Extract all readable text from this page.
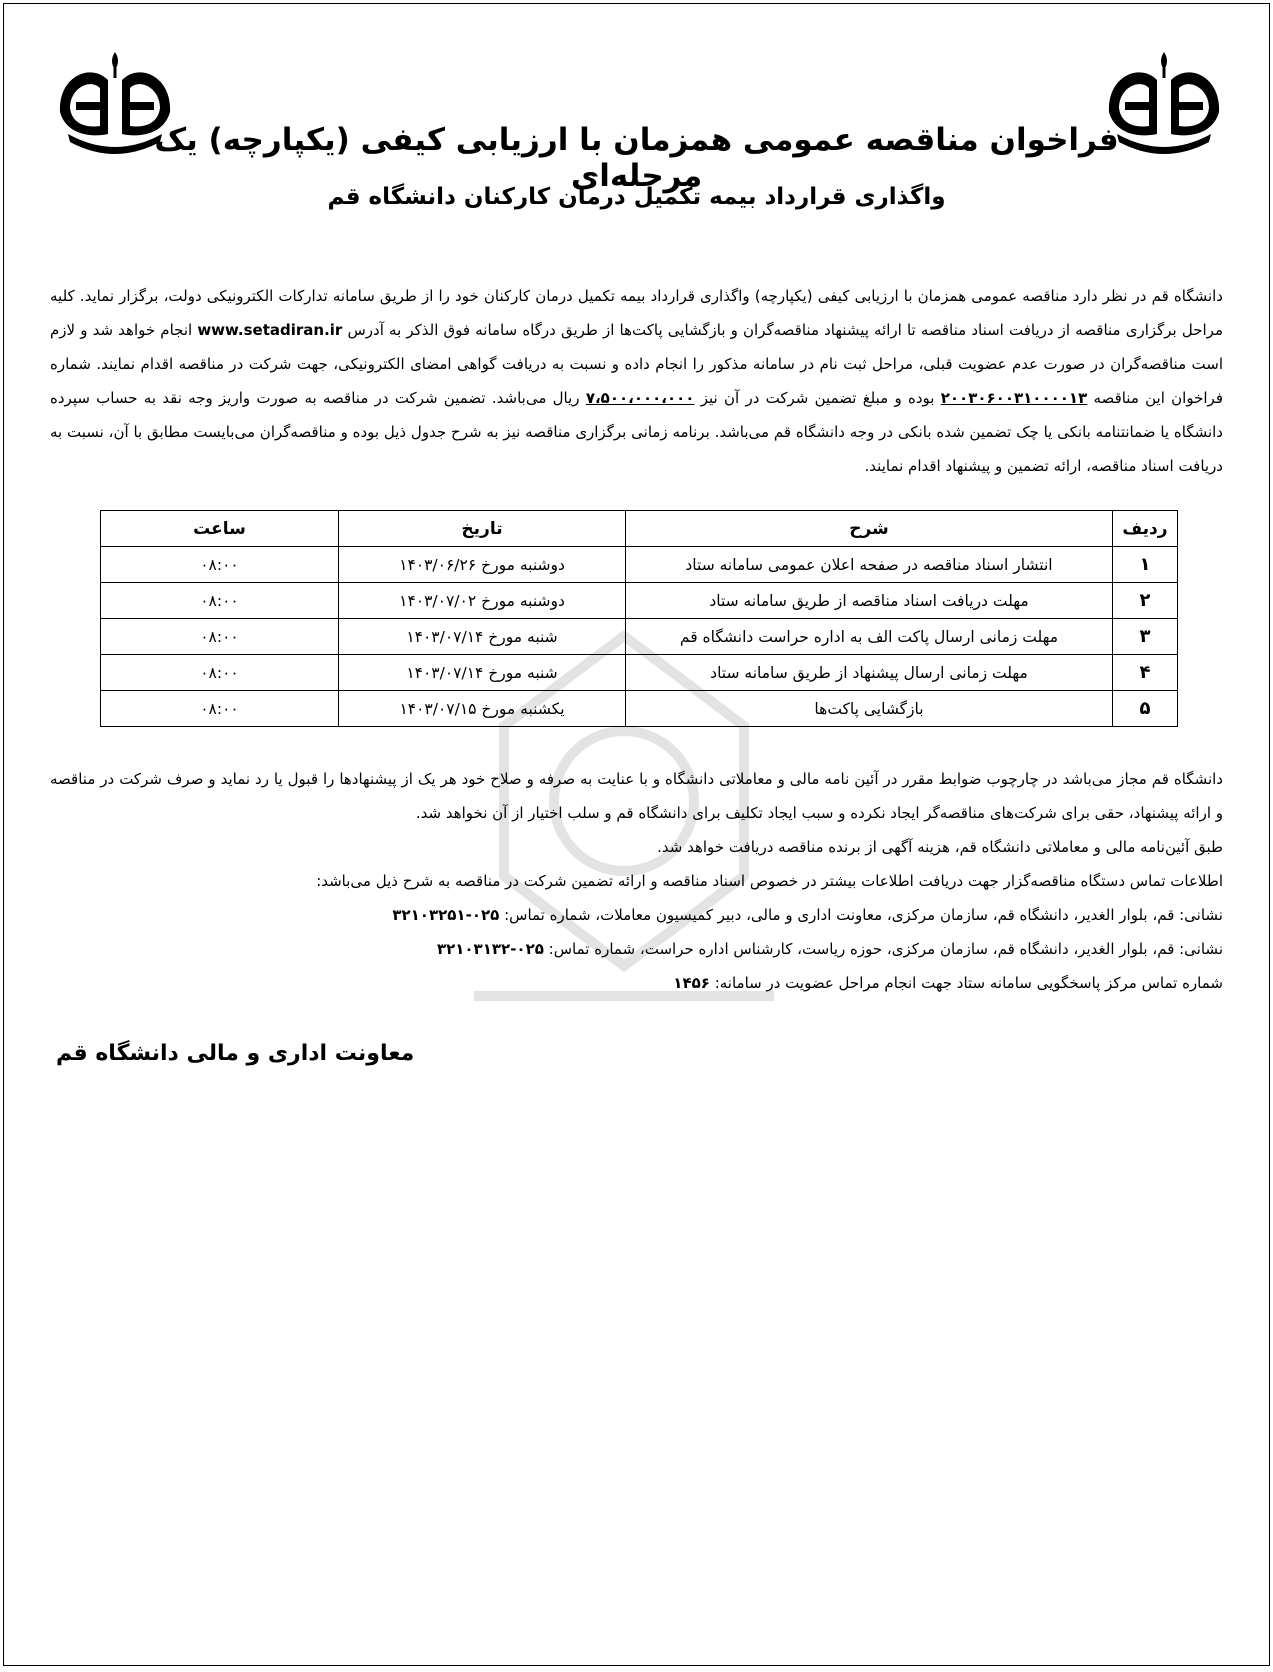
فراخوان مناقصه عمومی همزمان با ارزیابی کیفی (یکپارچه) یک مرحله‌ای
واگذاری قرارداد بیمه تکمیل درمان کارکنان دانشگاه قم

دانشگاه قم در نظر دارد مناقصه عمومی همزمان با ارزیابی کیفی (یکپارچه) واگذاری قرارداد بیمه تکمیل درمان کارکنان خود را از طریق سامانه تدارکات الکترونیکی دولت، برگزار نماید. کلیه مراحل برگزاری مناقصه از دریافت اسناد مناقصه تا ارائه پیشنهاد مناقصه‌گران و بازگشایی پاکت‌ها از طریق درگاه سامانه فوق الذکر به آدرس www.setadiran.ir انجام خواهد شد و لازم است مناقصه‌گران در صورت عدم عضویت قبلی، مراحل ثبت نام در سامانه مذکور را انجام داده و نسبت به دریافت گواهی امضای الکترونیکی، جهت شرکت در مناقصه اقدام نمایند. شماره فراخوان این مناقصه ۲۰۰۳۰۶۰۰۳۱۰۰۰۰۱۳ بوده و مبلغ تضمین شرکت در آن نیز ۷،۵۰۰،۰۰۰،۰۰۰ ریال می‌باشد. تضمین شرکت در مناقصه به صورت واریز وجه نقد به حساب سپرده دانشگاه یا ضمانتنامه بانکی یا چک تضمین شده بانکی در وجه دانشگاه قم می‌باشد. برنامه زمانی برگزاری مناقصه نیز به شرح جدول ذیل بوده و مناقصه‌گران می‌بایست مطابق با آن، نسبت به دریافت اسناد مناقصه، ارائه تضمین و پیشنهاد اقدام نمایند.

ردیف	شرح	تاریخ	ساعت
۱	انتشار اسناد مناقصه در صفحه اعلان عمومی سامانه ستاد	دوشنبه مورخ ۱۴۰۳/۰۶/۲۶	۰۸:۰۰
۲	مهلت دریافت اسناد مناقصه از طریق سامانه ستاد	دوشنبه مورخ ۱۴۰۳/۰۷/۰۲	۰۸:۰۰
۳	مهلت زمانی ارسال پاکت الف به اداره حراست دانشگاه قم	شنبه مورخ ۱۴۰۳/۰۷/۱۴	۰۸:۰۰
۴	مهلت زمانی ارسال پیشنهاد از طریق سامانه ستاد	شنبه مورخ ۱۴۰۳/۰۷/۱۴	۰۸:۰۰
۵	بازگشایی پاکت‌ها	یکشنبه مورخ ۱۴۰۳/۰۷/۱۵	۰۸:۰۰

دانشگاه قم مجاز می‌باشد در چارچوب ضوابط مقرر در آئین نامه مالی و معاملاتی دانشگاه و با عنایت به صرفه و صلاح خود هر یک از پیشنهادها را قبول یا رد نماید و صرف شرکت در مناقصه و ارائه پیشنهاد، حقی برای شرکت‌های مناقصه‌گر ایجاد نکرده و سبب ایجاد تکلیف برای دانشگاه قم و سلب اختیار از آن نخواهد شد.

طبق آئین‌نامه مالی و معاملاتی دانشگاه قم، هزینه آگهی از برنده مناقصه دریافت خواهد شد.

اطلاعات تماس دستگاه مناقصه‌گزار جهت دریافت اطلاعات بیشتر در خصوص اسناد مناقصه و ارائه تضمین شرکت در مناقصه به شرح ذیل می‌باشد:

نشانی: قم، بلوار الغدیر، دانشگاه قم، سازمان مرکزی، معاونت اداری و مالی، دبیر کمیسیون معاملات، شماره تماس: ۰۲۵-۳۲۱۰۳۲۵۱

نشانی: قم، بلوار الغدیر، دانشگاه قم، سازمان مرکزی، حوزه ریاست، کارشناس اداره حراست، شماره تماس: ۰۲۵-۳۲۱۰۳۱۳۲

شماره تماس مرکز پاسخگویی سامانه ستاد جهت انجام مراحل عضویت در سامانه: ۱۴۵۶

معاونت اداری و مالی دانشگاه قم
